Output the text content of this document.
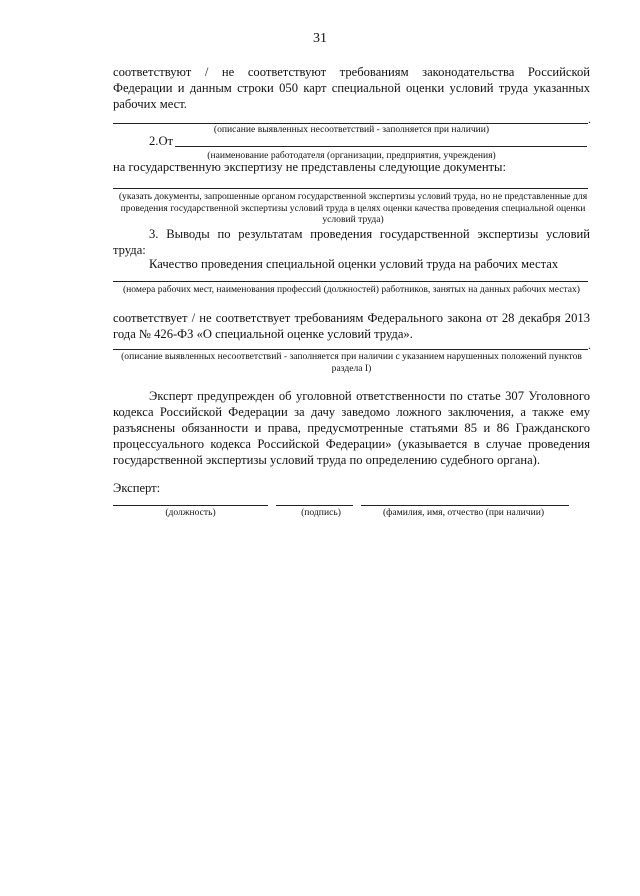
31

соответствуют / не соответствуют требованиям законодательства Российской Федерации и данным строки 050 карт специальной оценки условий труда указанных рабочих мест.

.

(описание выявленных несоответствий - заполняется при наличии)

2.От

(наименование работодателя (организации, предприятия, учреждения)

на государственную экспертизу не представлены следующие документы:

(указать документы, запрошенные органом государственной экспертизы условий труда, но не представленные для проведения государственной экспертизы условий труда в целях оценки качества проведения специальной оценки условий труда)

3. Выводы по результатам проведения государственной экспертизы условий труда:

Качество проведения специальной оценки условий труда на рабочих местах

(номера рабочих мест, наименования профессий (должностей) работников, занятых на данных рабочих местах)

соответствует / не соответствует требованиям Федерального закона от 28 декабря 2013 года № 426-ФЗ «О специальной оценке условий труда».

.

(описание выявленных несоответствий - заполняется при наличии с указанием нарушенных положений пунктов раздела I)

Эксперт предупрежден об уголовной ответственности по статье 307 Уголовного кодекса Российской Федерации за дачу заведомо ложного заключения, а также ему разъяснены обязанности и права, предусмотренные статьями 85 и 86 Гражданского процессуального кодекса Российской Федерации» (указывается в случае проведения государственной экспертизы условий труда по определению судебного органа).

Эксперт:

(должность)	(подпись)	(фамилия, имя, отчество (при наличии)
